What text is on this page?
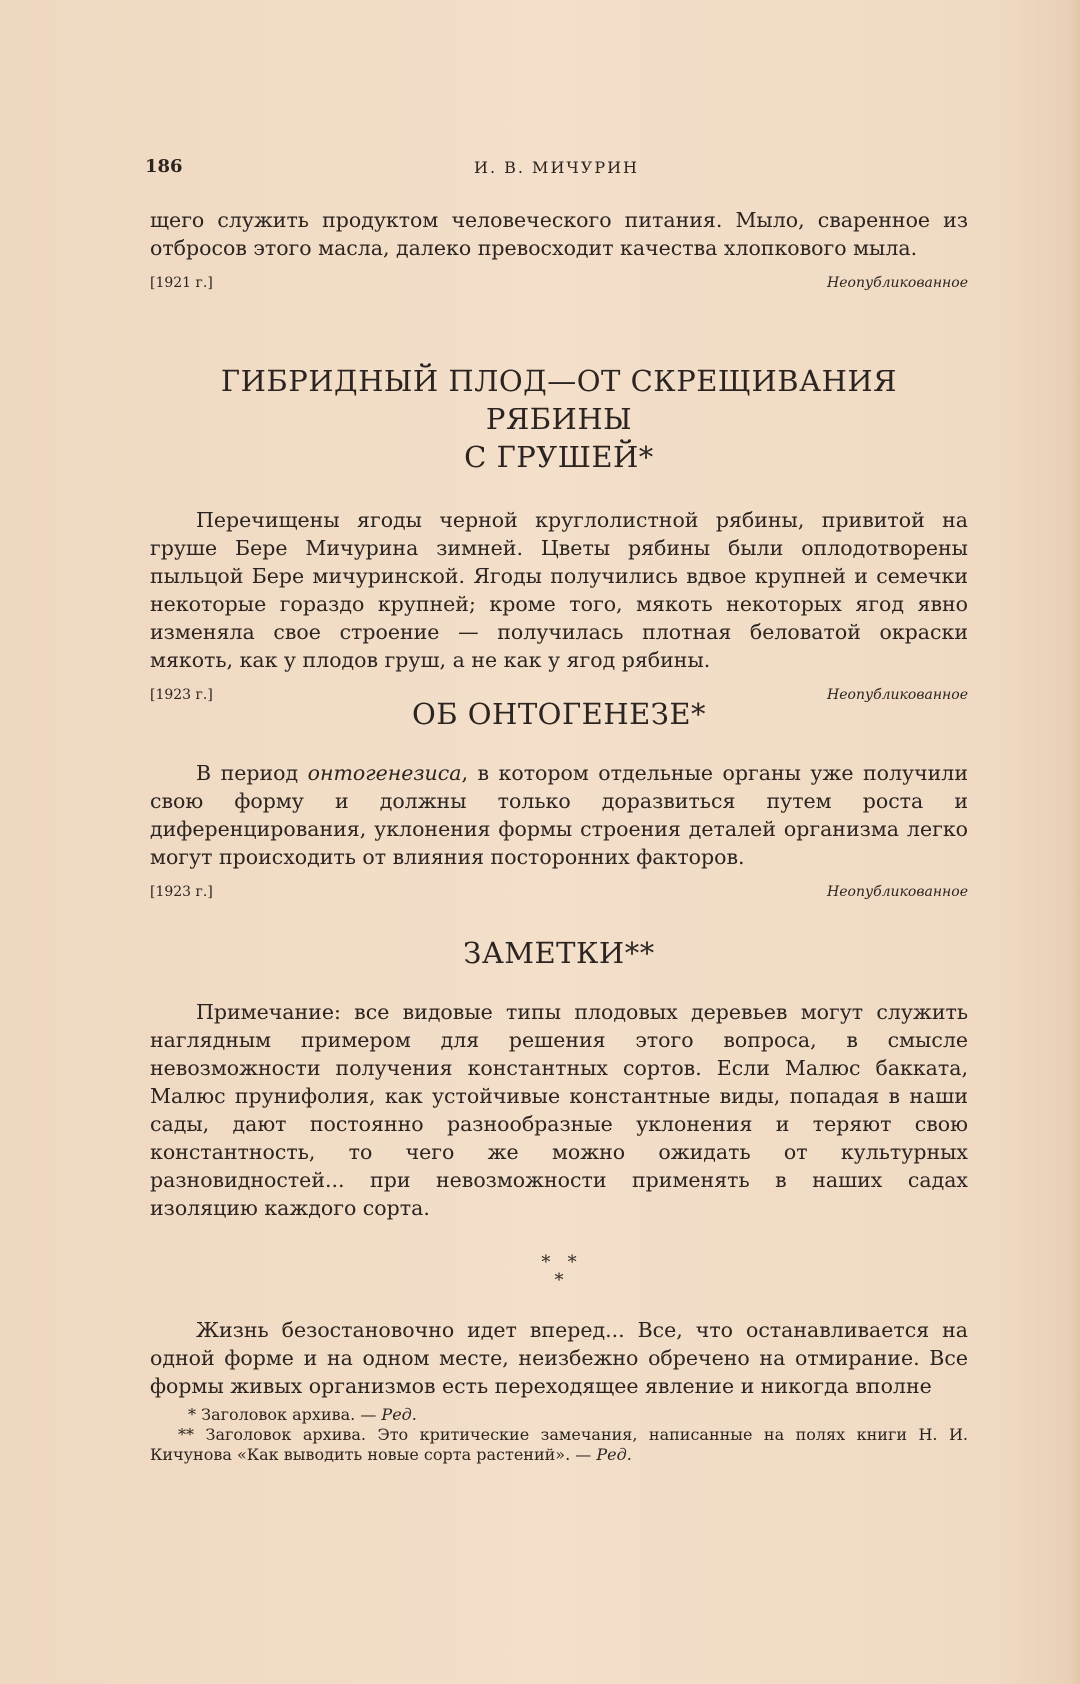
186	И. В. МИЧУРИН

щего служить продуктом человеческого питания. Мыло, сваренное из отбросов этого масла, далеко превосходит качества хлопкового мыла.

[1921 г.]	Неопубликованное
ГИБРИДНЫЙ ПЛОД—ОТ СКРЕЩИВАНИЯ РЯБИНЫ
С ГРУШЕЙ*

Перечищены ягоды черной круглолистной рябины, привитой на груше Бере Мичурина зимней. Цветы рябины были оплодотворены пыльцой Бере мичуринской. Ягоды получились вдвое крупней и семечки некоторые гораздо крупней; кроме того, мякоть некоторых ягод явно изменяла свое строение — получилась плотная беловатой окраски мякоть, как у плодов груш, а не как у ягод рябины.

[1923 г.]	Неопубликованное
ОБ ОНТОГЕНЕЗЕ*

В период онтогенезиса, в котором отдельные органы уже получили свою форму и должны только доразвиться путем роста и диференцирования, уклонения формы строения деталей организма легко могут происходить от влияния посторонних факторов.

[1923 г.]	Неопубликованное
ЗАМЕТКИ**

Примечание: все видовые типы плодовых деревьев могут служить наглядным примером для решения этого вопроса, в смысле невозможности получения константных сортов. Если Малюс бакката, Малюс прунифолия, как устойчивые константные виды, попадая в наши сады, дают постоянно разнообразные уклонения и теряют свою константность, то чего же можно ожидать от культурных разновидностей... при невозможности применять в наших садах изоляцию каждого сорта.

*   *
*

Жизнь безостановочно идет вперед... Все, что останавливается на одной форме и на одном месте, неизбежно обречено на отмирание. Все формы живых организмов есть переходящее явление и никогда вполне

* Заголовок архива. — Ред.

** Заголовок архива. Это критические замечания, написанные на полях книги Н. И. Кичунова «Как выводить новые сорта растений». — Ред.
